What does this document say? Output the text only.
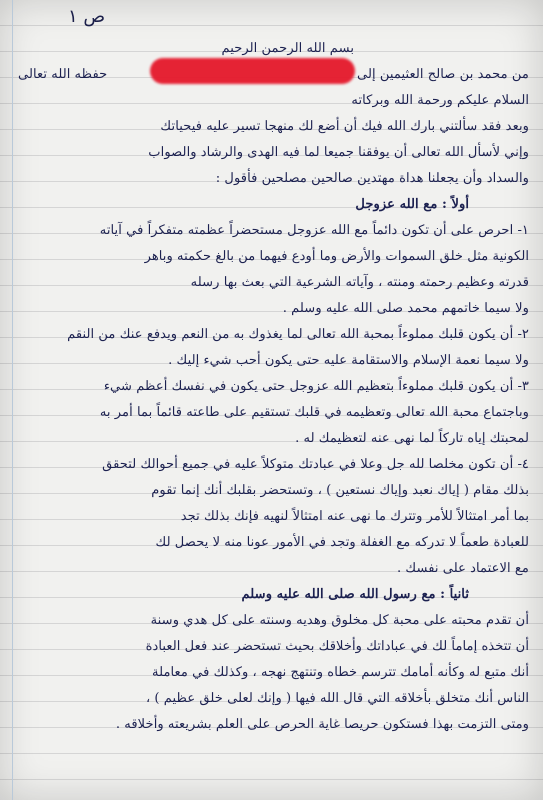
ص ١
بسم الله الرحمن الرحيم
من محمد بن صالح العثيمين إلى
حفظه الله تعالى
السلام عليكم ورحمة الله وبركاته
وبعد فقد سألتني بارك الله فيك أن أضع لك منهجا تسير عليه فيحياتك
وإني لأسأل الله تعالى أن يوفقنا جميعا لما فيه الهدى والرشاد والصواب
والسداد وأن يجعلنا هداة مهتدين صالحين مصلحين فأقول :
أولاً : مع الله عزوجل
١- احرص على أن تكون دائماً مع الله عزوجل مستحضراً عظمته متفكراً في آياته
الكونية مثل خلق السموات والأرض وما أودع فيهما من بالغ حكمته وباهر
قدرته وعظيم رحمته ومنته ، وآياته الشرعية التي بعث بها رسله
ولا سيما خاتمهم محمد صلى الله عليه وسلم .
٢- أن يكون قلبك مملوءاً بمحبة الله تعالى لما يغذوك به من النعم ويدفع عنك من النقم
ولا سيما نعمة الإسلام والاستقامة عليه حتى يكون أحب شيء إليك .
٣- أن يكون قلبك مملوءاً بتعظيم الله عزوجل حتى يكون في نفسك أعظم شيء
وباجتماع محبة الله تعالى وتعظيمه في قلبك تستقيم على طاعته قائماً بما أمر به
لمحبتك إياه تاركاً لما نهى عنه لتعظيمك له .
٤- أن تكون مخلصا لله جل وعلا في عبادتك متوكلاً عليه في جميع أحوالك لتحقق
بذلك مقام ( إياك نعبد وإياك نستعين ) ، وتستحضر بقلبك أنك إنما تقوم
بما أمر امتثالاً للأمر وتترك ما نهى عنه امتثالاً لنهيه فإنك بذلك تجد
للعبادة طعماً لا تدركه مع الغفلة وتجد في الأمور عونا منه لا يحصل لك
مع الاعتماد على نفسك .
ثانياً : مع رسول الله صلى الله عليه وسلم
أن تقدم محبته على محبة كل مخلوق وهديه وسنته على كل هدي وسنة
أن تتخذه إماماً لك في عباداتك وأخلاقك بحيث تستحضر عند فعل العبادة
أنك متبع له وكأنه أمامك تترسم خطاه وتنتهج نهجه ، وكذلك في معاملة
الناس أنك متخلق بأخلاقه التي قال الله فيها ( وإنك لعلى خلق عظيم ) ،
ومتى التزمت بهذا فستكون حريصا غاية الحرص على العلم بشريعته وأخلاقه .
